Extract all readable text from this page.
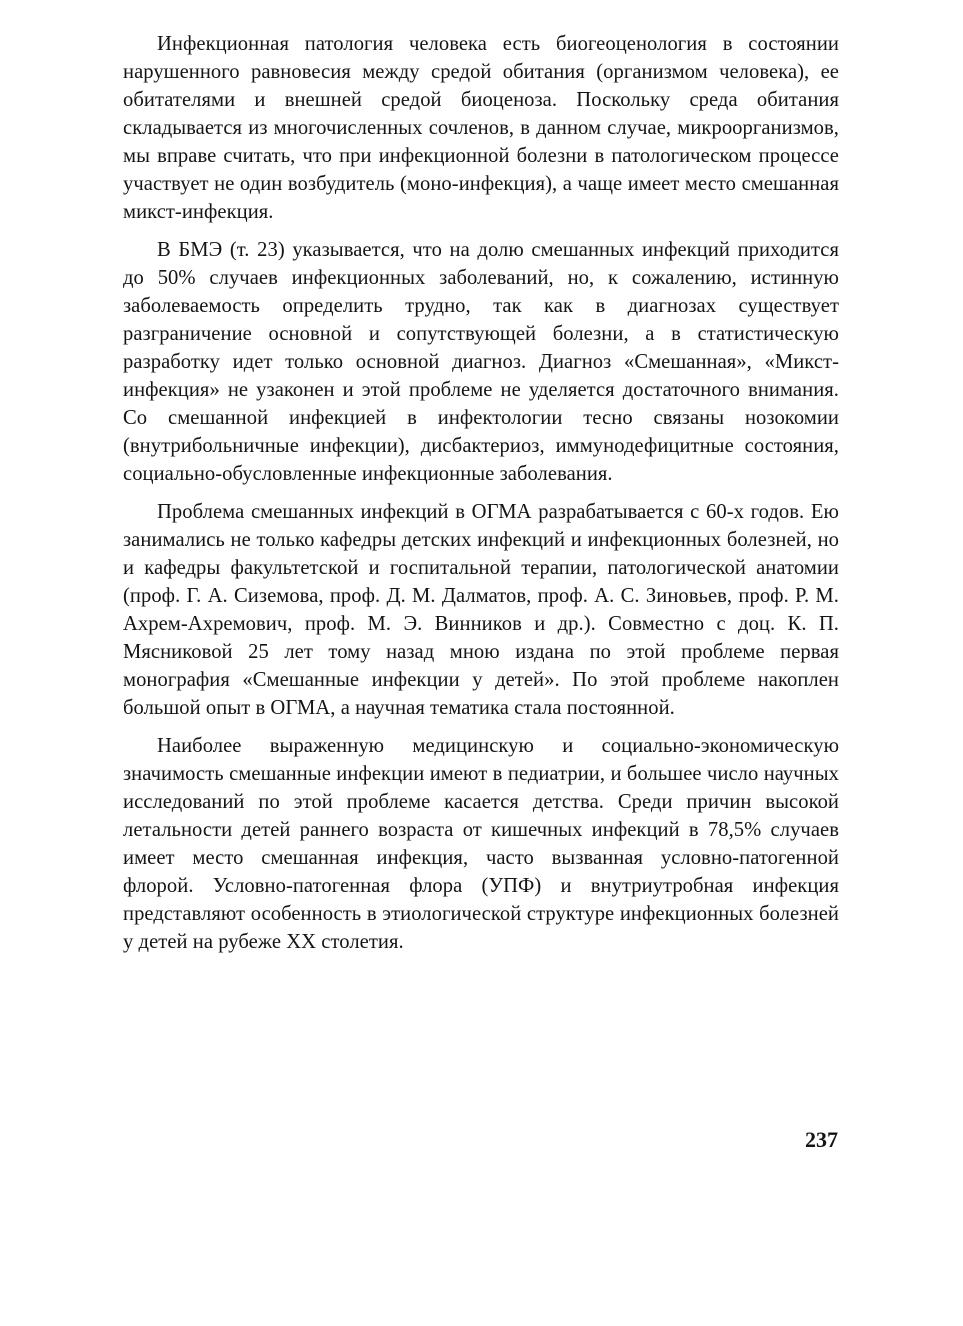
Инфекционная патология человека есть биогеоценология в состоянии нарушенного равновесия между средой обитания (организмом человека), ее обитателями и внешней средой биоценоза. Поскольку среда обитания складывается из многочисленных сочленов, в данном случае, микроорганизмов, мы вправе считать, что при инфекционной болезни в патологическом процессе участвует не один возбудитель (моно-инфекция), а чаще имеет место смешанная микст-инфекция.

В БМЭ (т. 23) указывается, что на долю смешанных инфекций приходится до 50% случаев инфекционных заболеваний, но, к сожалению, истинную заболеваемость определить трудно, так как в диагнозах существует разграничение основной и сопутствующей болезни, а в статистическую разработку идет только основной диагноз. Диагноз «Смешанная», «Микст-инфекция» не узаконен и этой проблеме не уделяется достаточного внимания. Со смешанной инфекцией в инфектологии тесно связаны нозокомии (внутрибольничные инфекции), дисбактериоз, иммунодефицитные состояния, социально-обусловленные инфекционные заболевания.

Проблема смешанных инфекций в ОГМА разрабатывается с 60-х годов. Ею занимались не только кафедры детских инфекций и инфекционных болезней, но и кафедры факультетской и госпитальной терапии, патологической анатомии (проф. Г. А. Сиземова, проф. Д. М. Далматов, проф. А. С. Зиновьев, проф. Р. М. Ахрем-Ахремович, проф. М. Э. Винников и др.). Совместно с доц. К. П. Мясниковой 25 лет тому назад мною издана по этой проблеме первая монография «Смешанные инфекции у детей». По этой проблеме накоплен большой опыт в ОГМА, а научная тематика стала постоянной.

Наиболее выраженную медицинскую и социально-экономическую значимость смешанные инфекции имеют в педиатрии, и большее число научных исследований по этой проблеме касается детства. Среди причин высокой летальности детей раннего возраста от кишечных инфекций в 78,5% случаев имеет место смешанная инфекция, часто вызванная условно-патогенной флорой. Условно-патогенная флора (УПФ) и внутриутробная инфекция представляют особенность в этиологической структуре инфекционных болезней у детей на рубеже XX столетия.

237
